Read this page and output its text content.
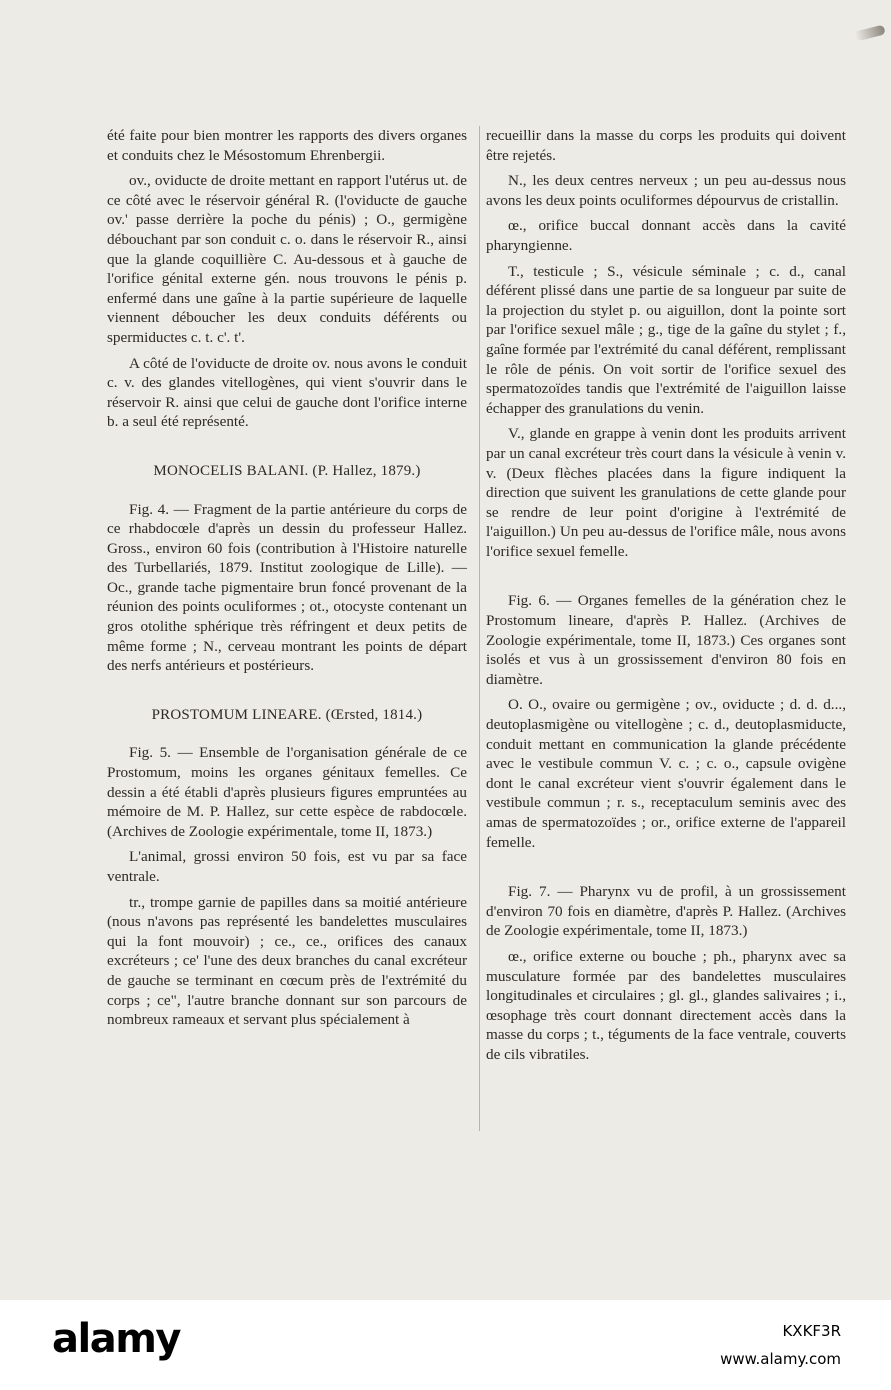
été faite pour bien montrer les rapports des divers organes et conduits chez le Mésostomum Ehrenbergii.

ov., oviducte de droite mettant en rapport l'utérus ut. de ce côté avec le réservoir général R. (l'oviducte de gauche ov.' passe derrière la poche du pénis) ; O., germigène débouchant par son conduit c. o. dans le réservoir R., ainsi que la glande coquillière C. Au-dessous et à gauche de l'orifice génital externe gén. nous trouvons le pénis p. enfermé dans une gaîne à la partie supérieure de laquelle viennent déboucher les deux conduits déférents ou spermiductes c. t. c'. t'.

A côté de l'oviducte de droite ov. nous avons le conduit c. v. des glandes vitellogènes, qui vient s'ouvrir dans le réservoir R. ainsi que celui de gauche dont l'orifice interne b. a seul été représenté.

MONOCELIS BALANI. (P. Hallez, 1879.)

Fig. 4. — Fragment de la partie antérieure du corps de ce rhabdocœle d'après un dessin du professeur Hallez. Gross., environ 60 fois (contribution à l'Histoire naturelle des Turbellariés, 1879. Institut zoologique de Lille). — Oc., grande tache pigmentaire brun foncé provenant de la réunion des points oculiformes ; ot., otocyste contenant un gros otolithe sphérique très réfringent et deux petits de même forme ; N., cerveau montrant les points de départ des nerfs antérieurs et postérieurs.

PROSTOMUM LINEARE. (Œrsted, 1814.)

Fig. 5. — Ensemble de l'organisation générale de ce Prostomum, moins les organes génitaux femelles. Ce dessin a été établi d'après plusieurs figures empruntées au mémoire de M. P. Hallez, sur cette espèce de rabdocœle. (Archives de Zoologie expérimentale, tome II, 1873.)

L'animal, grossi environ 50 fois, est vu par sa face ventrale.

tr., trompe garnie de papilles dans sa moitié antérieure (nous n'avons pas représenté les bandelettes musculaires qui la font mouvoir) ; ce., ce., orifices des canaux excréteurs ; ce' l'une des deux branches du canal excréteur de gauche se terminant en cœcum près de l'extrémité du corps ; ce", l'autre branche donnant sur son parcours de nombreux rameaux et servant plus spécialement à

recueillir dans la masse du corps les produits qui doivent être rejetés.

N., les deux centres nerveux ; un peu au-dessus nous avons les deux points oculiformes dépourvus de cristallin.

œ., orifice buccal donnant accès dans la cavité pharyngienne.

T., testicule ; S., vésicule séminale ; c. d., canal déférent plissé dans une partie de sa longueur par suite de la projection du stylet p. ou aiguillon, dont la pointe sort par l'orifice sexuel mâle ; g., tige de la gaîne du stylet ; f., gaîne formée par l'extrémité du canal déférent, remplissant le rôle de pénis. On voit sortir de l'orifice sexuel des spermatozoïdes tandis que l'extrémité de l'aiguillon laisse échapper des granulations du venin.

V., glande en grappe à venin dont les produits arrivent par un canal excréteur très court dans la vésicule à venin v. v. (Deux flèches placées dans la figure indiquent la direction que suivent les granulations de cette glande pour se rendre de leur point d'origine à l'extrémité de l'aiguillon.) Un peu au-dessus de l'orifice mâle, nous avons l'orifice sexuel femelle.

Fig. 6. — Organes femelles de la génération chez le Prostomum lineare, d'après P. Hallez. (Archives de Zoologie expérimentale, tome II, 1873.) Ces organes sont isolés et vus à un grossissement d'environ 80 fois en diamètre.

O. O., ovaire ou germigène ; ov., oviducte ; d. d. d..., deutoplasmigène ou vitellogène ; c. d., deutoplasmiducte, conduit mettant en communication la glande précédente avec le vestibule commun V. c. ; c. o., capsule ovigène dont le canal excréteur vient s'ouvrir également dans le vestibule commun ; r. s., receptaculum seminis avec des amas de spermatozoïdes ; or., orifice externe de l'appareil femelle.

Fig. 7. — Pharynx vu de profil, à un grossissement d'environ 70 fois en diamètre, d'après P. Hallez. (Archives de Zoologie expérimentale, tome II, 1873.)

œ., orifice externe ou bouche ; ph., pharynx avec sa musculature formée par des bandelettes musculaires longitudinales et circulaires ; gl. gl., glandes salivaires ; i., œsophage très court donnant directement accès dans la masse du corps ; t., téguments de la face ventrale, couverts de cils vibratiles.

alamy	KXKF3R
www.alamy.com
